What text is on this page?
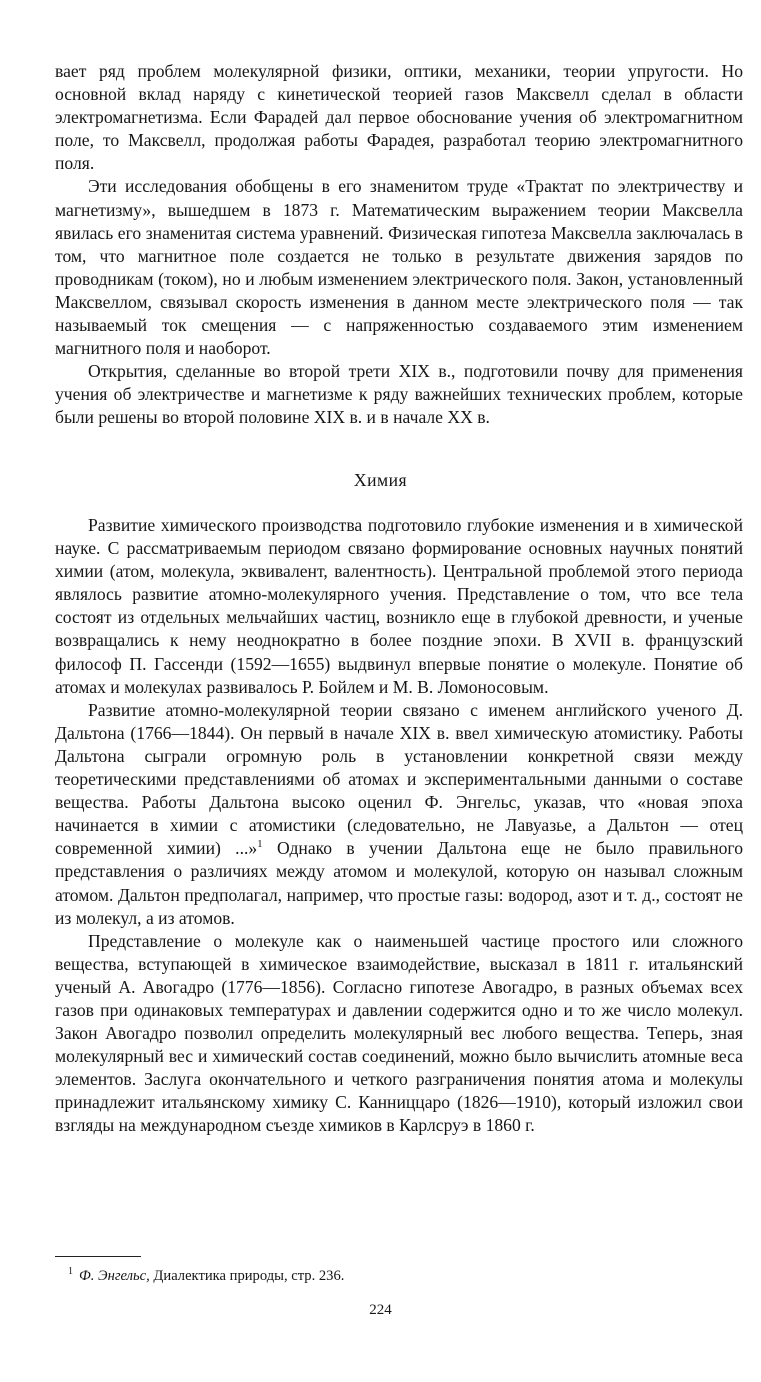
вает ряд проблем молекулярной физики, оптики, механики, теории упругости. Но основной вклад наряду с кинетической теорией газов Максвелл сделал в области электромагнетизма. Если Фарадей дал первое обоснование учения об электромагнитном поле, то Максвелл, продолжая работы Фарадея, разработал теорию электромагнитного поля.

Эти исследования обобщены в его знаменитом труде «Трактат по электричеству и магнетизму», вышедшем в 1873 г. Математическим выражением теории Максвелла явилась его знаменитая система уравнений. Физическая гипотеза Максвелла заключалась в том, что магнитное поле создается не только в результате движения зарядов по проводникам (током), но и любым изменением электрического поля. Закон, установленный Максвеллом, связывал скорость изменения в данном месте электрического поля — так называемый ток смещения — с напряженностью создаваемого этим изменением магнитного поля и наоборот.

Открытия, сделанные во второй трети XIX в., подготовили почву для применения учения об электричестве и магнетизме к ряду важнейших технических проблем, которые были решены во второй половине XIX в. и в начале XX в.

Химия

Развитие химического производства подготовило глубокие изменения и в химической науке. С рассматриваемым периодом связано формирование основных научных понятий химии (атом, молекула, эквивалент, валентность). Центральной проблемой этого периода являлось развитие атомно-молекулярного учения. Представление о том, что все тела состоят из отдельных мельчайших частиц, возникло еще в глубокой древности, и ученые возвращались к нему неоднократно в более поздние эпохи. В XVII в. французский философ П. Гассенди (1592—1655) выдвинул впервые понятие о молекуле. Понятие об атомах и молекулах развивалось Р. Бойлем и М. В. Ломоносовым.

Развитие атомно-молекулярной теории связано с именем английского ученого Д. Дальтона (1766—1844). Он первый в начале XIX в. ввел химическую атомистику. Работы Дальтона сыграли огромную роль в установлении конкретной связи между теоретическими представлениями об атомах и экспериментальными данными о составе вещества. Работы Дальтона высоко оценил Ф. Энгельс, указав, что «новая эпоха начинается в химии с атомистики (следовательно, не Лавуазье, а Дальтон — отец современной химии) ...»$^1$ Однако в учении Дальтона еще не было правильного представления о различиях между атомом и молекулой, которую он называл сложным атомом. Дальтон предполагал, например, что простые газы: водород, азот и т. д., состоят не из молекул, а из атомов.

Представление о молекуле как о наименьшей частице простого или сложного вещества, вступающей в химическое взаимодействие, высказал в 1811 г. итальянский ученый А. Авогадро (1776—1856). Согласно гипотезе Авогадро, в разных объемах всех газов при одинаковых температурах и давлении содержится одно и то же число молекул. Закон Авогадро позволил определить молекулярный вес любого вещества. Теперь, зная молекулярный вес и химический состав соединений, можно было вычислить атомные веса элементов. Заслуга окончательного и четкого разграничения понятия атома и молекулы принадлежит итальянскому химику С. Канниццаро (1826—1910), который изложил свои взгляды на международном съезде химиков в Карлсруэ в 1860 г.

$^1$ Ф. Энгельс, Диалектика природы, стр. 236.
224
